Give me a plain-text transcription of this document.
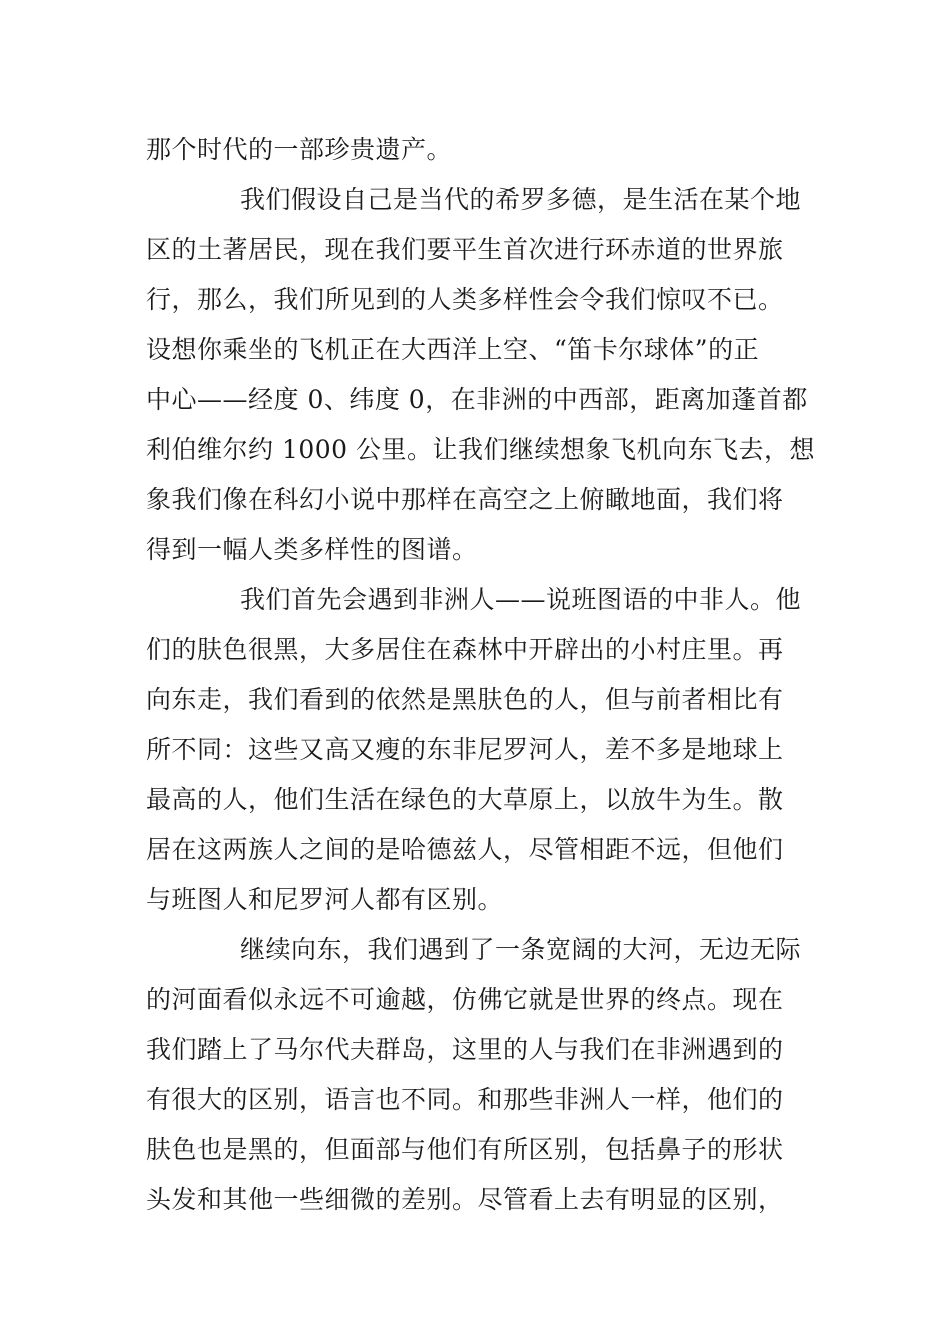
那个时代的一部珍贵遗产。
我们假设自己是当代的希罗多德，是生活在某个地
区的土著居民，现在我们要平生首次进行环赤道的世界旅
行，那么，我们所见到的人类多样性会令我们惊叹不已。
设想你乘坐的飞机正在大西洋上空、“笛卡尔球体”的正
中心——经度 0、纬度 0，在非洲的中西部，距离加蓬首都
利伯维尔约 1000 公里。让我们继续想象飞机向东飞去，想
象我们像在科幻小说中那样在高空之上俯瞰地面，我们将
得到一幅人类多样性的图谱。
我们首先会遇到非洲人——说班图语的中非人。他
们的肤色很黑，大多居住在森林中开辟出的小村庄里。再
向东走，我们看到的依然是黑肤色的人，但与前者相比有
所不同：这些又高又瘦的东非尼罗河人，差不多是地球上
最高的人，他们生活在绿色的大草原上，以放牛为生。散
居在这两族人之间的是哈德兹人，尽管相距不远，但他们
与班图人和尼罗河人都有区别。
继续向东，我们遇到了一条宽阔的大河，无边无际
的河面看似永远不可逾越，仿佛它就是世界的终点。现在
我们踏上了马尔代夫群岛，这里的人与我们在非洲遇到的
有很大的区别，语言也不同。和那些非洲人一样，他们的
肤色也是黑的，但面部与他们有所区别，包括鼻子的形状
头发和其他一些细微的差别。尽管看上去有明显的区别，
